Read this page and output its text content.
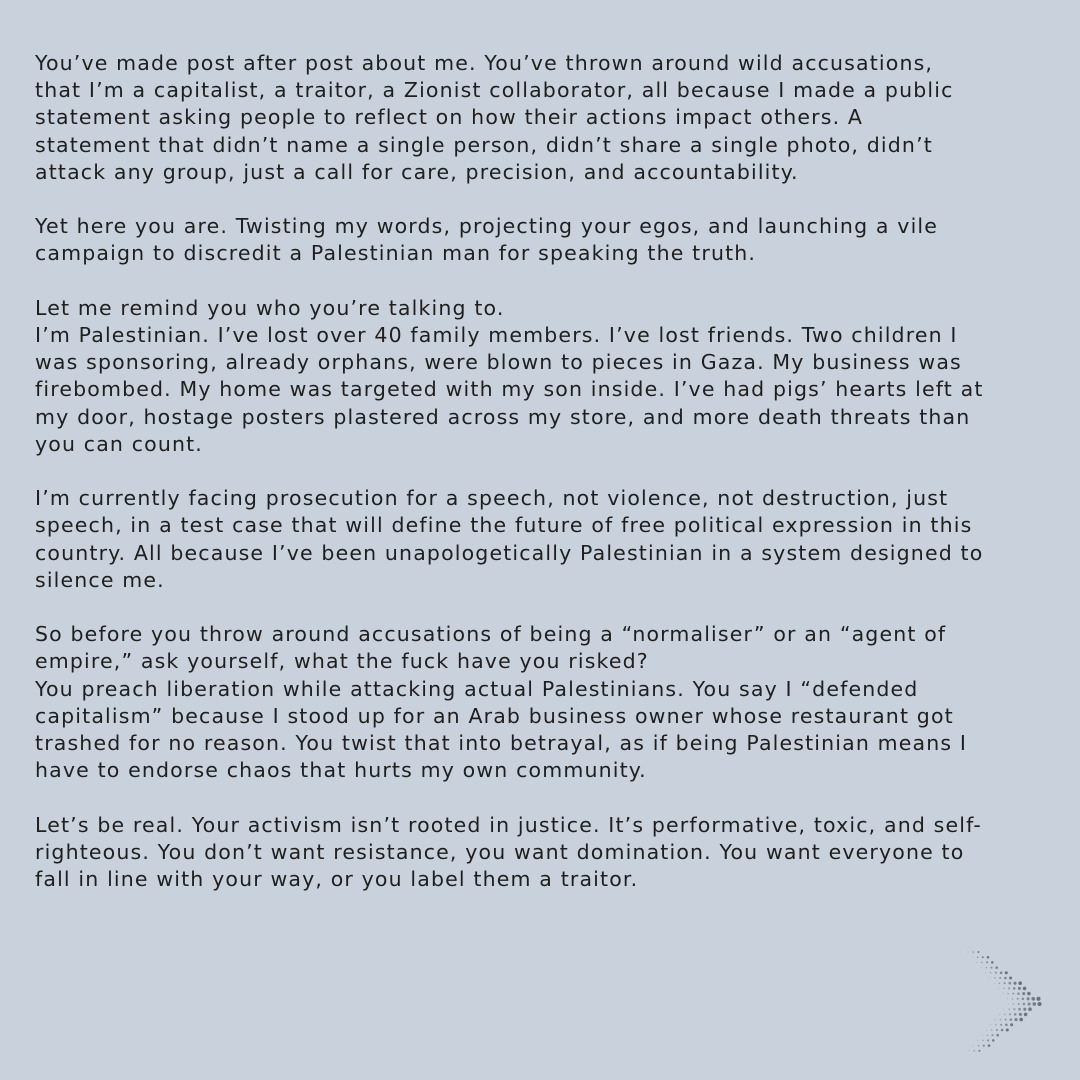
You’ve made post after post about me. You’ve thrown around wild accusations,
that I’m a capitalist, a traitor, a Zionist collaborator, all because I made a public
statement asking people to reflect on how their actions impact others. A
statement that didn’t name a single person, didn’t share a single photo, didn’t
attack any group, just a call for care, precision, and accountability.

Yet here you are. Twisting my words, projecting your egos, and launching a vile
campaign to discredit a Palestinian man for speaking the truth.

Let me remind you who you’re talking to.
I’m Palestinian. I’ve lost over 40 family members. I’ve lost friends. Two children I
was sponsoring, already orphans, were blown to pieces in Gaza. My business was
firebombed. My home was targeted with my son inside. I’ve had pigs’ hearts left at
my door, hostage posters plastered across my store, and more death threats than
you can count.

I’m currently facing prosecution for a speech, not violence, not destruction, just
speech, in a test case that will define the future of free political expression in this
country. All because I’ve been unapologetically Palestinian in a system designed to
silence me.

So before you throw around accusations of being a “normaliser” or an “agent of
empire,” ask yourself, what the fuck have you risked?
You preach liberation while attacking actual Palestinians. You say I “defended
capitalism” because I stood up for an Arab business owner whose restaurant got
trashed for no reason. You twist that into betrayal, as if being Palestinian means I
have to endorse chaos that hurts my own community.

Let’s be real. Your activism isn’t rooted in justice. It’s performative, toxic, and self-
righteous. You don’t want resistance, you want domination. You want everyone to
fall in line with your way, or you label them a traitor.
